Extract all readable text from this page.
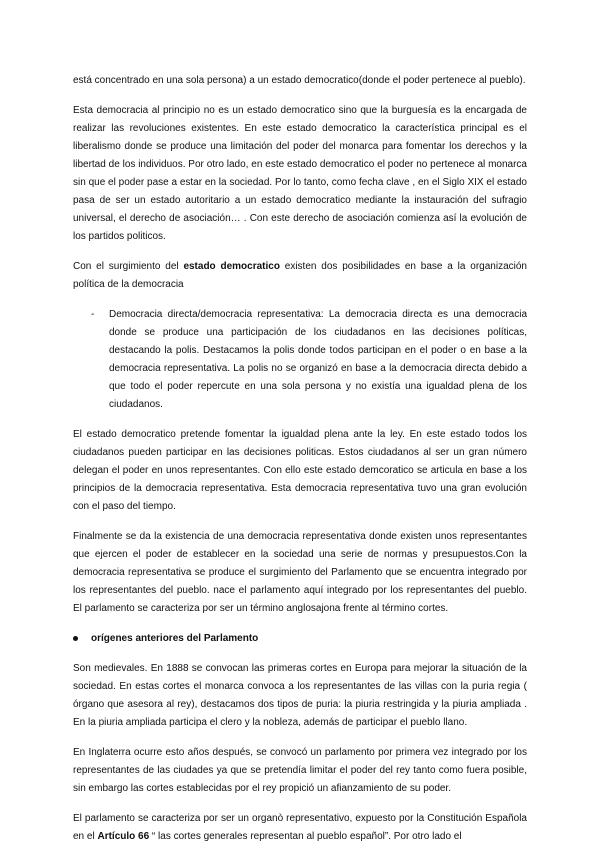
está concentrado en una sola persona) a un estado democratico(donde el poder pertenece al pueblo).

Esta democracia al principio no es un estado democratico sino que la burguesía es la encargada de realizar las revoluciones existentes. En este estado democratico la característica principal es el liberalismo donde se produce una limitación del poder del monarca para fomentar los derechos y la libertad de los individuos. Por otro lado, en este estado democratico el poder no pertenece al monarca sin que el poder pase a estar en la sociedad. Por lo tanto, como fecha clave , en el Siglo XIX el estado pasa de ser un estado autoritario a un estado democratico mediante la instauración del sufragio universal, el derecho de asociación… . Con este derecho de asociación comienza así la evolución de los partidos politicos.

Con el surgimiento del estado democratico existen dos posibilidades en base a la organización política de la democracia

- Democracia directa/democracia representativa: La democracia directa es una democracia donde se produce una participación de los ciudadanos en las decisiones políticas, destacando la polis. Destacamos la polis donde todos participan en el poder o en base a la democracia representativa. La polis no se organizó en base a la democracia directa debido a que todo el poder repercute en una sola persona y no existía una igualdad plena de los ciudadanos.

El estado democratico pretende fomentar la igualdad plena ante la ley. En este estado todos los ciudadanos pueden participar en las decisiones politicas. Estos ciudadanos al ser un gran número delegan el poder en unos representantes. Con ello este estado demcoratico se articula en base a los principios de la democracia representativa. Esta democracia representativa tuvo una gran evolución con el paso del tiempo.

Finalmente se da la existencia de una democracia representativa donde existen unos representantes que ejercen el poder de establecer en la sociedad una serie de normas y presupuestos.Con la democracia representativa se produce el surgimiento del Parlamento que se encuentra integrado por los representantes del pueblo. nace el parlamento aquí integrado por los representantes del pueblo. El parlamento se caracteriza por ser un término anglosajona frente al término cortes.

orígenes anteriores del Parlamento

Son medievales. En 1888 se convocan las primeras cortes en Europa para mejorar la situación de la sociedad. En estas cortes el monarca convoca a los representantes de las villas con la puria regia ( órgano que asesora al rey), destacamos dos tipos de puria: la piuria restringida y la piuria ampliada . En la piuria ampliada participa el clero y la nobleza, además de participar el pueblo llano.

En Inglaterra ocurre esto años después, se convocó un parlamento por primera vez integrado por los representantes de las ciudades ya que se pretendía limitar el poder del rey tanto como fuera posible, sin embargo las cortes establecidas por el rey propició un afianzamiento de su poder.

El parlamento se caracteriza por ser un organò representativo, expuesto por la Constitución Española en el Artículo 66 “ las cortes generales representan al pueblo español”. Por otro lado el
